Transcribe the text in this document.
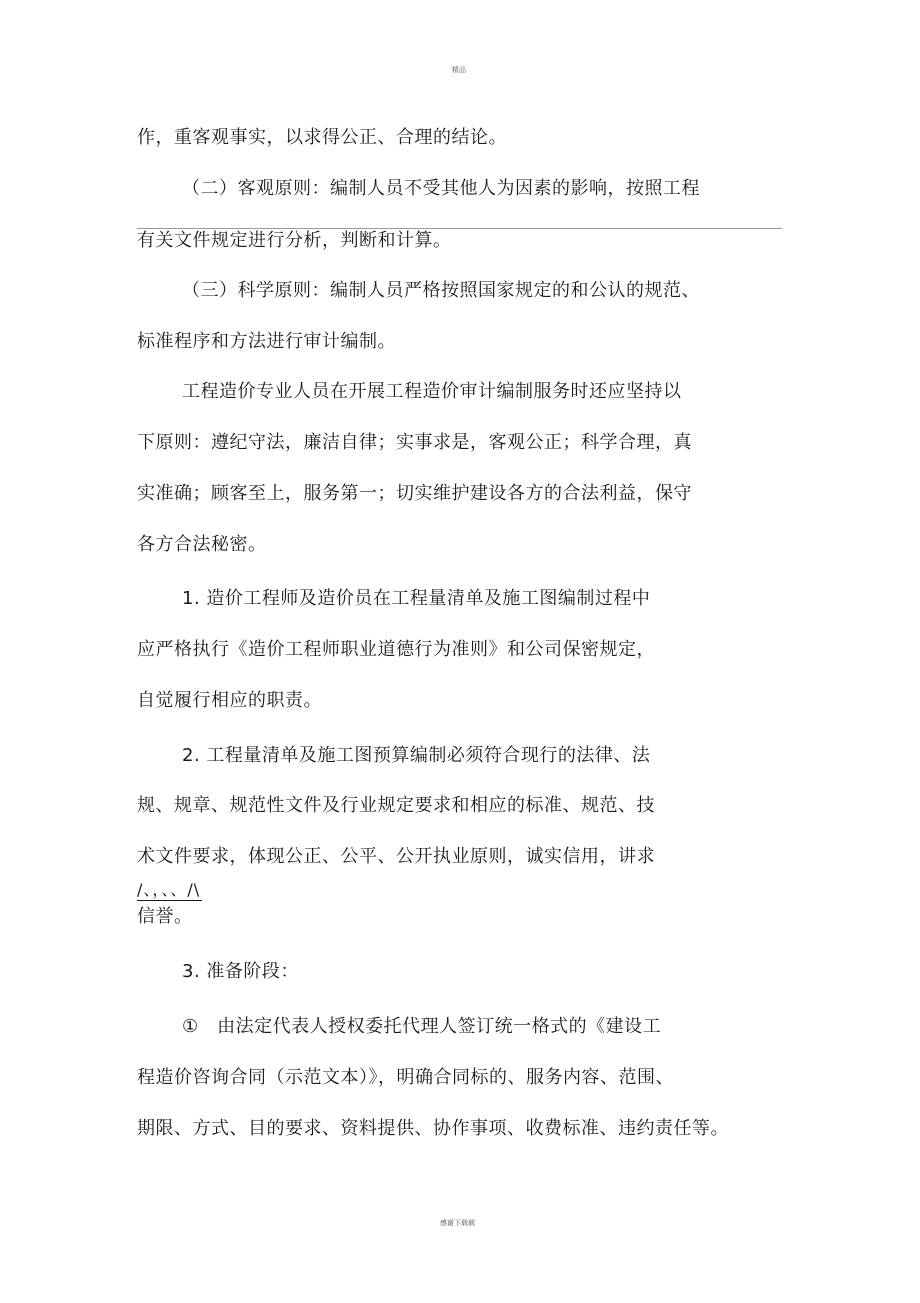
精品
作，重客观事实，以求得公正、合理的结论。
（二）客观原则：编制人员不受其他人为因素的影响，按照工程
有关文件规定进行分析，判断和计算。
（三）科学原则：编制人员严格按照国家规定的和公认的规范、
标准程序和方法进行审计编制。
工程造价专业人员在开展工程造价审计编制服务时还应坚持以
下原则：遵纪守法，廉洁自律；实事求是，客观公正；科学合理，真
实准确；顾客至上，服务第一；切实维护建设各方的合法利益，保守
各方合法秘密。
1. 造价工程师及造价员在工程量清单及施工图编制过程中
应严格执行《造价工程师职业道德行为准则》和公司保密规定，
自觉履行相应的职责。
2. 工程量清单及施工图预算编制必须符合现行的法律、法
规、规章、规范性文件及行业规定要求和相应的标准、规范、技
术文件要求，体现公正、公平、公开执业原则，诚实信用，讲求
/、，、、/\
信誉。
3. 准备阶段：
①　由法定代表人授权委托代理人签订统一格式的《建设工
程造价咨询合同（示范文本）》，明确合同标的、服务内容、范围、
期限、方式、目的要求、资料提供、协作事项、收费标准、违约责任等。
感谢下载载
